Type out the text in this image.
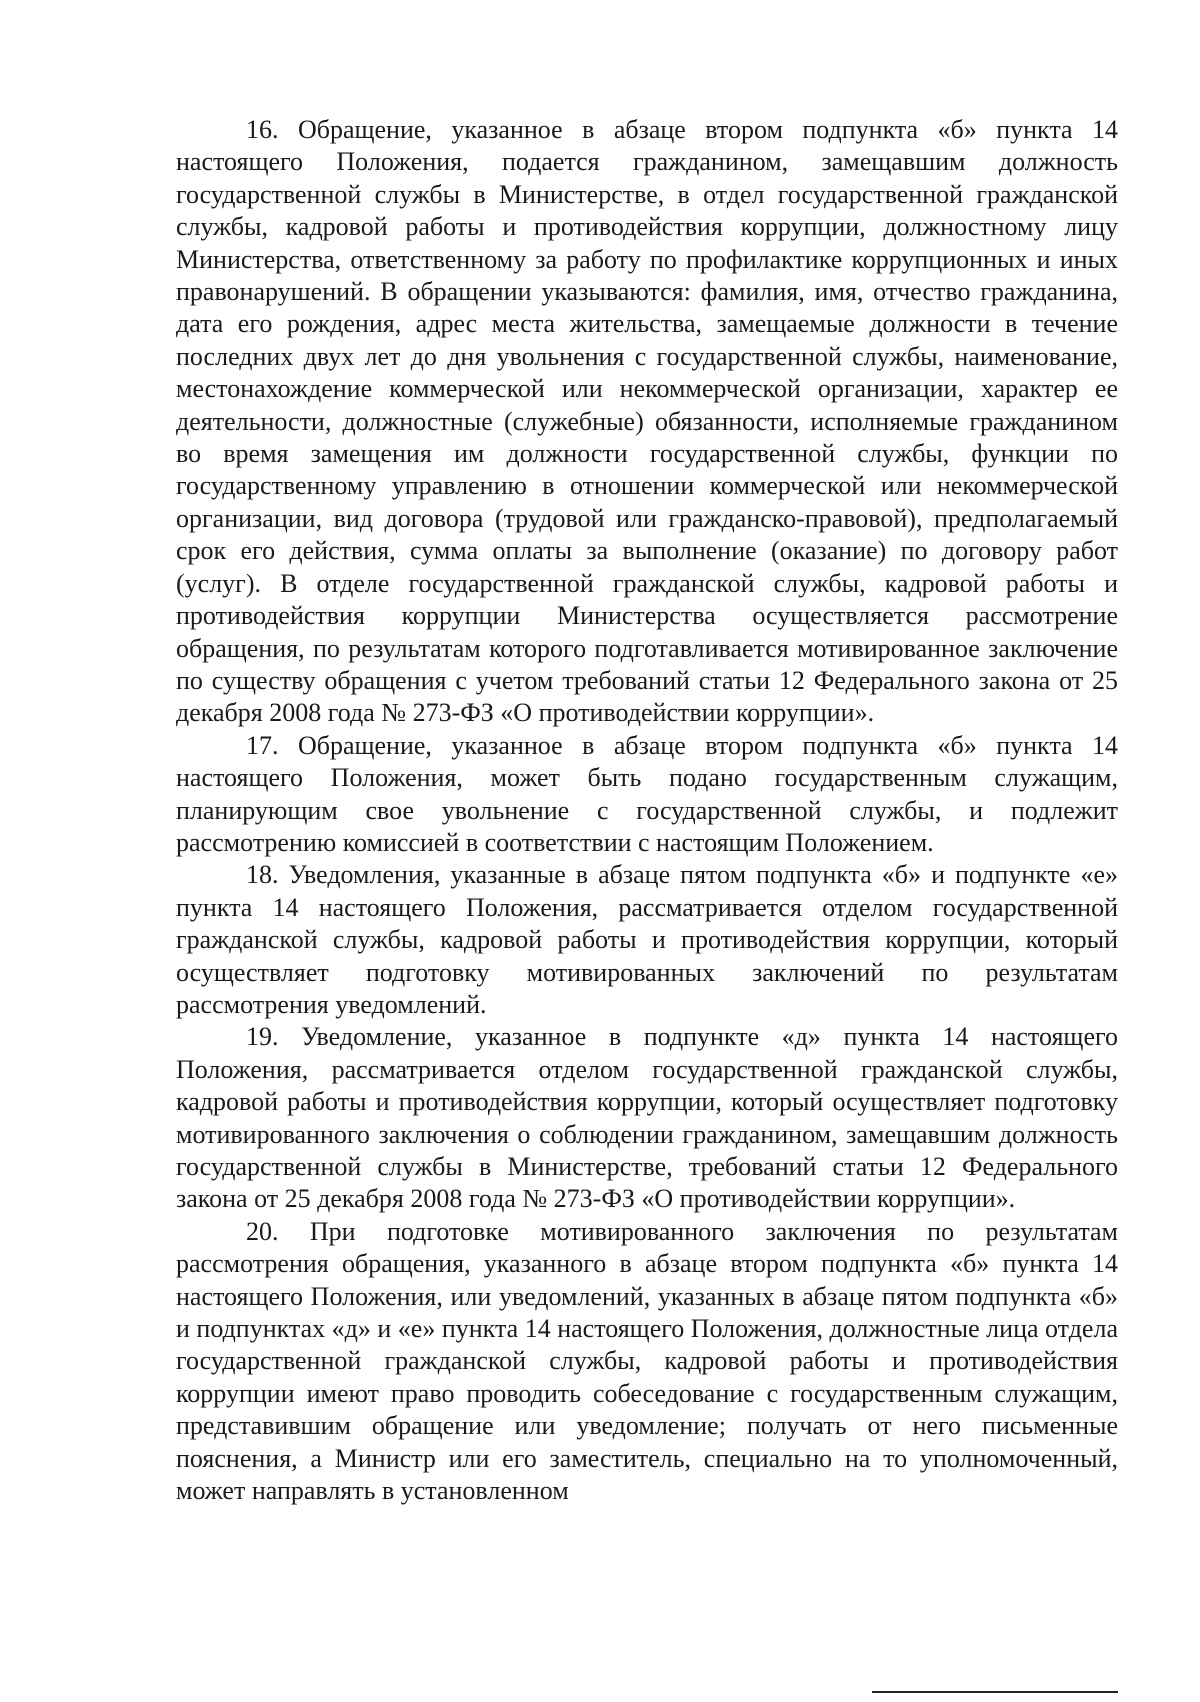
16. Обращение, указанное в абзаце втором подпункта «б» пункта 14 настоящего Положения, подается гражданином, замещавшим должность государственной службы в Министерстве, в отдел государственной гражданской службы, кадровой работы и противодействия коррупции, должностному лицу Министерства, ответственному за работу по профилактике коррупционных и иных правонарушений. В обращении указываются: фамилия, имя, отчество гражданина, дата его рождения, адрес места жительства, замещаемые должности в течение последних двух лет до дня увольнения с государственной службы, наименование, местонахождение коммерческой или некоммерческой организации, характер ее деятельности, должностные (служебные) обязанности, исполняемые гражданином во время замещения им должности государственной службы, функции по государственному управлению в отношении коммерческой или некоммерческой организации, вид договора (трудовой или гражданско-правовой), предполагаемый срок его действия, сумма оплаты за выполнение (оказание) по договору работ (услуг). В отделе государственной гражданской службы, кадровой работы и противодействия коррупции Министерства осуществляется рассмотрение обращения, по результатам которого подготавливается мотивированное заключение по существу обращения с учетом требований статьи 12 Федерального закона от 25 декабря 2008 года № 273-ФЗ «О противодействии коррупции».

17. Обращение, указанное в абзаце втором подпункта «б» пункта 14 настоящего Положения, может быть подано государственным служащим, планирующим свое увольнение с государственной службы, и подлежит рассмотрению комиссией в соответствии с настоящим Положением.

18. Уведомления, указанные в абзаце пятом подпункта «б» и подпункте «е» пункта 14 настоящего Положения, рассматривается отделом государственной гражданской службы, кадровой работы и противодействия коррупции, который осуществляет подготовку мотивированных заключений по результатам рассмотрения уведомлений.

19. Уведомление, указанное в подпункте «д» пункта 14 настоящего Положения, рассматривается отделом государственной гражданской службы, кадровой работы и противодействия коррупции, который осуществляет подготовку мотивированного заключения о соблюдении гражданином, замещавшим должность государственной службы в Министерстве, требований статьи 12 Федерального закона от 25 декабря 2008 года № 273-ФЗ «О противодействии коррупции».

20. При подготовке мотивированного заключения по результатам рассмотрения обращения, указанного в абзаце втором подпункта «б» пункта 14 настоящего Положения, или уведомлений, указанных в абзаце пятом подпункта «б» и подпунктах «д» и «е» пункта 14 настоящего Положения, должностные лица отдела государственной гражданской службы, кадровой работы и противодействия коррупции имеют право проводить собеседование с государственным служащим, представившим обращение или уведомление; получать от него письменные пояснения, а Министр или его заместитель, специально на то уполномоченный, может направлять в установленном
